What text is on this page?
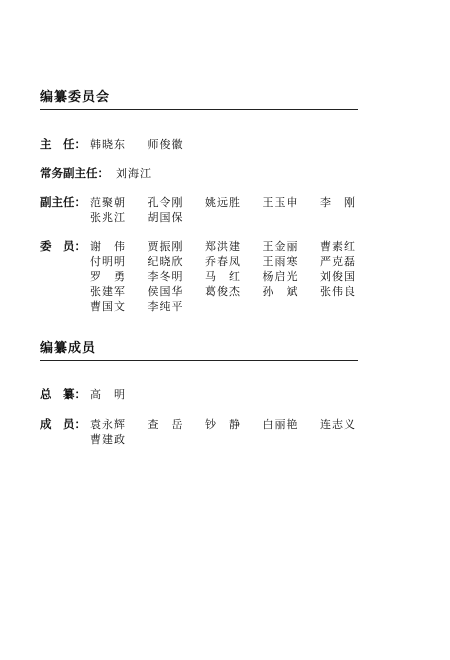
编纂委员会
主　任： 韩晓东	师俊徽
常务副主任： 刘海江
副主任： 范聚朝	孔令刚	姚远胜	王玉申	李　刚
张兆江	胡国保
委　员： 谢　伟	贾振刚	郑洪建	王金丽	曹素红
付明明	纪晓欣	乔春凤	王雨寒	严克磊
罗　勇	李冬明	马　红	杨启光	刘俊国
张建军	侯国华	葛俊杰	孙　斌	张伟良
曹国文	李纯平
编纂成员
总　纂： 高　明
成　员： 袁永辉	查　岳	钞　静	白丽艳	连志义
曹建政
